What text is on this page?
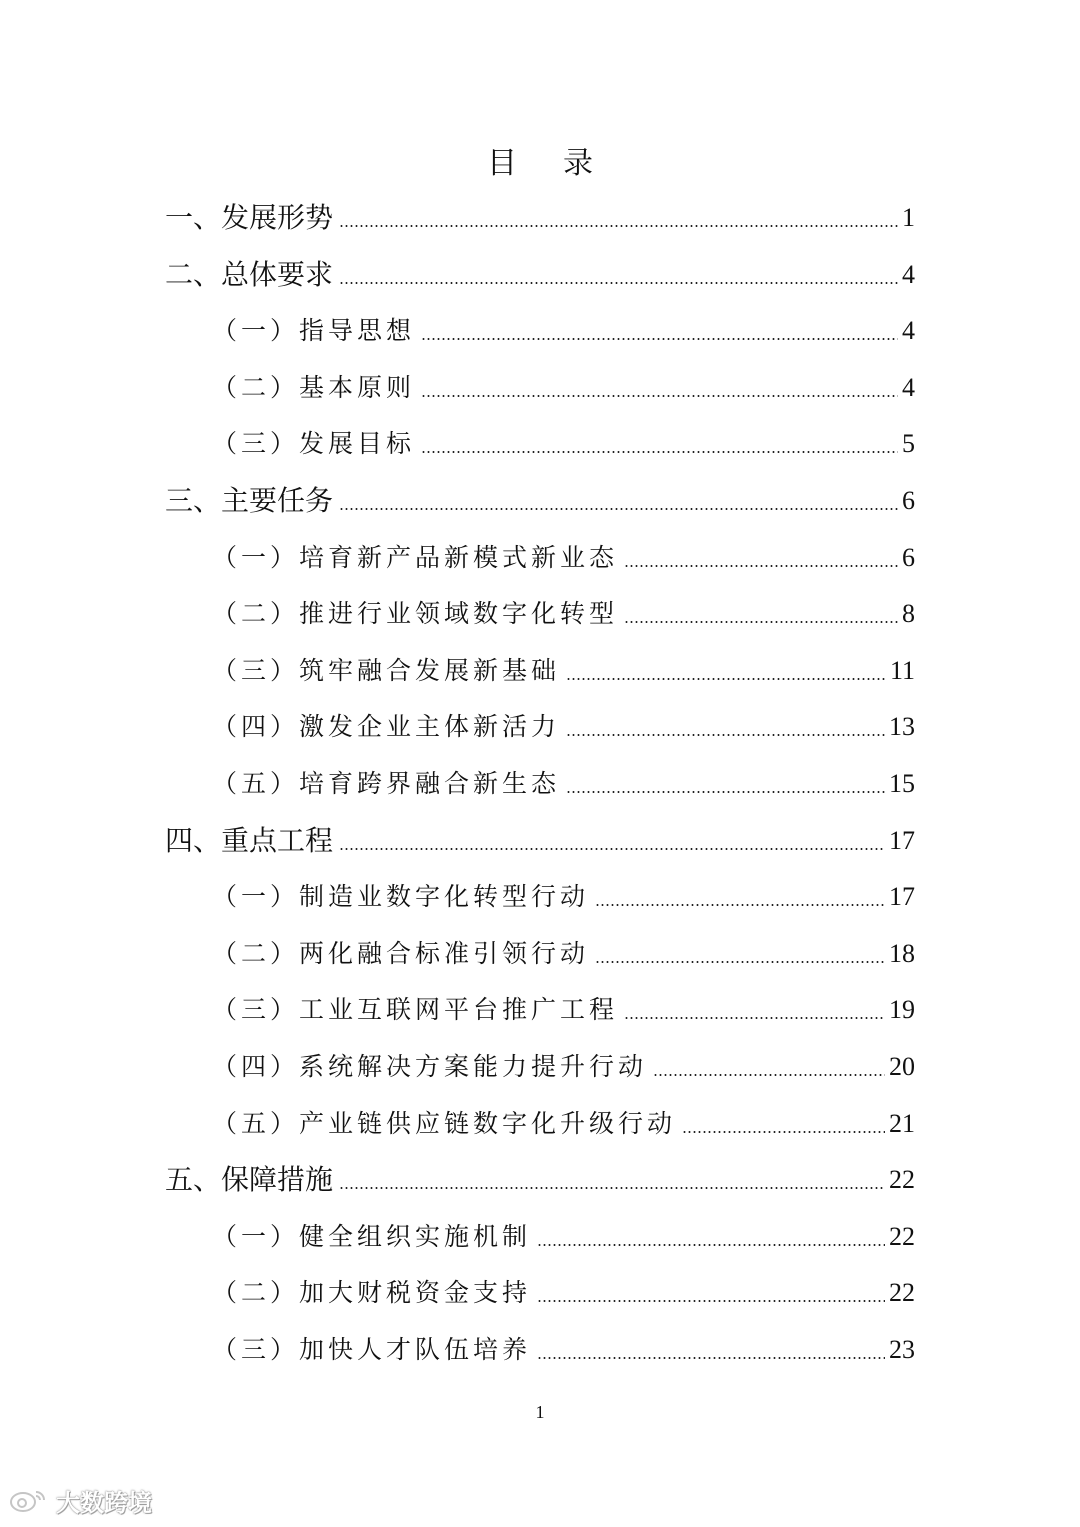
目 录
一、发展形势	1
二、总体要求	4
（一）指导思想	4
（二）基本原则	4
（三）发展目标	5
三、主要任务	6
（一）培育新产品新模式新业态	6
（二）推进行业领域数字化转型	8
（三）筑牢融合发展新基础	11
（四）激发企业主体新活力	13
（五）培育跨界融合新生态	15
四、重点工程	17
（一）制造业数字化转型行动	17
（二）两化融合标准引领行动	18
（三）工业互联网平台推广工程	19
（四）系统解决方案能力提升行动	20
（五）产业链供应链数字化升级行动	21
五、保障措施	22
（一）健全组织实施机制	22
（二）加大财税资金支持	22
（三）加快人才队伍培养	23
1
大数跨境
